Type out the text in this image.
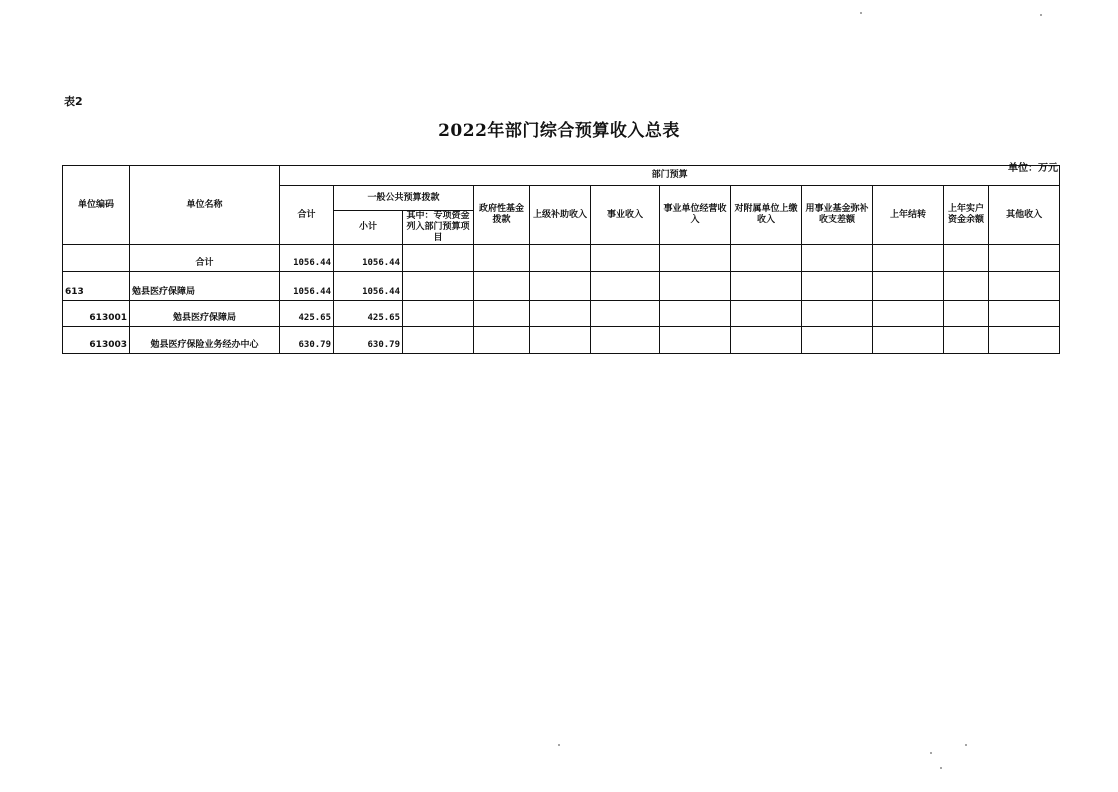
表2
2022年部门综合预算收入总表
单位：万元
单位编码	单位名称	部门预算											
		合计	一般公共预算拨款		政府性基金拨款	上级补助收入	事业收入	事业单位经营收入	对附属单位上缴收入	用事业基金弥补收支差额	上年结转	上年实户资金余额	其他收入
			小计	其中：专项资金列入部门预算项目									
	合计	1056.44	1056.44										
613	勉县医疗保障局	1056.44	1056.44										
613001	勉县医疗保障局	425.65	425.65										
613003	勉县医疗保险业务经办中心	630.79	630.79										
